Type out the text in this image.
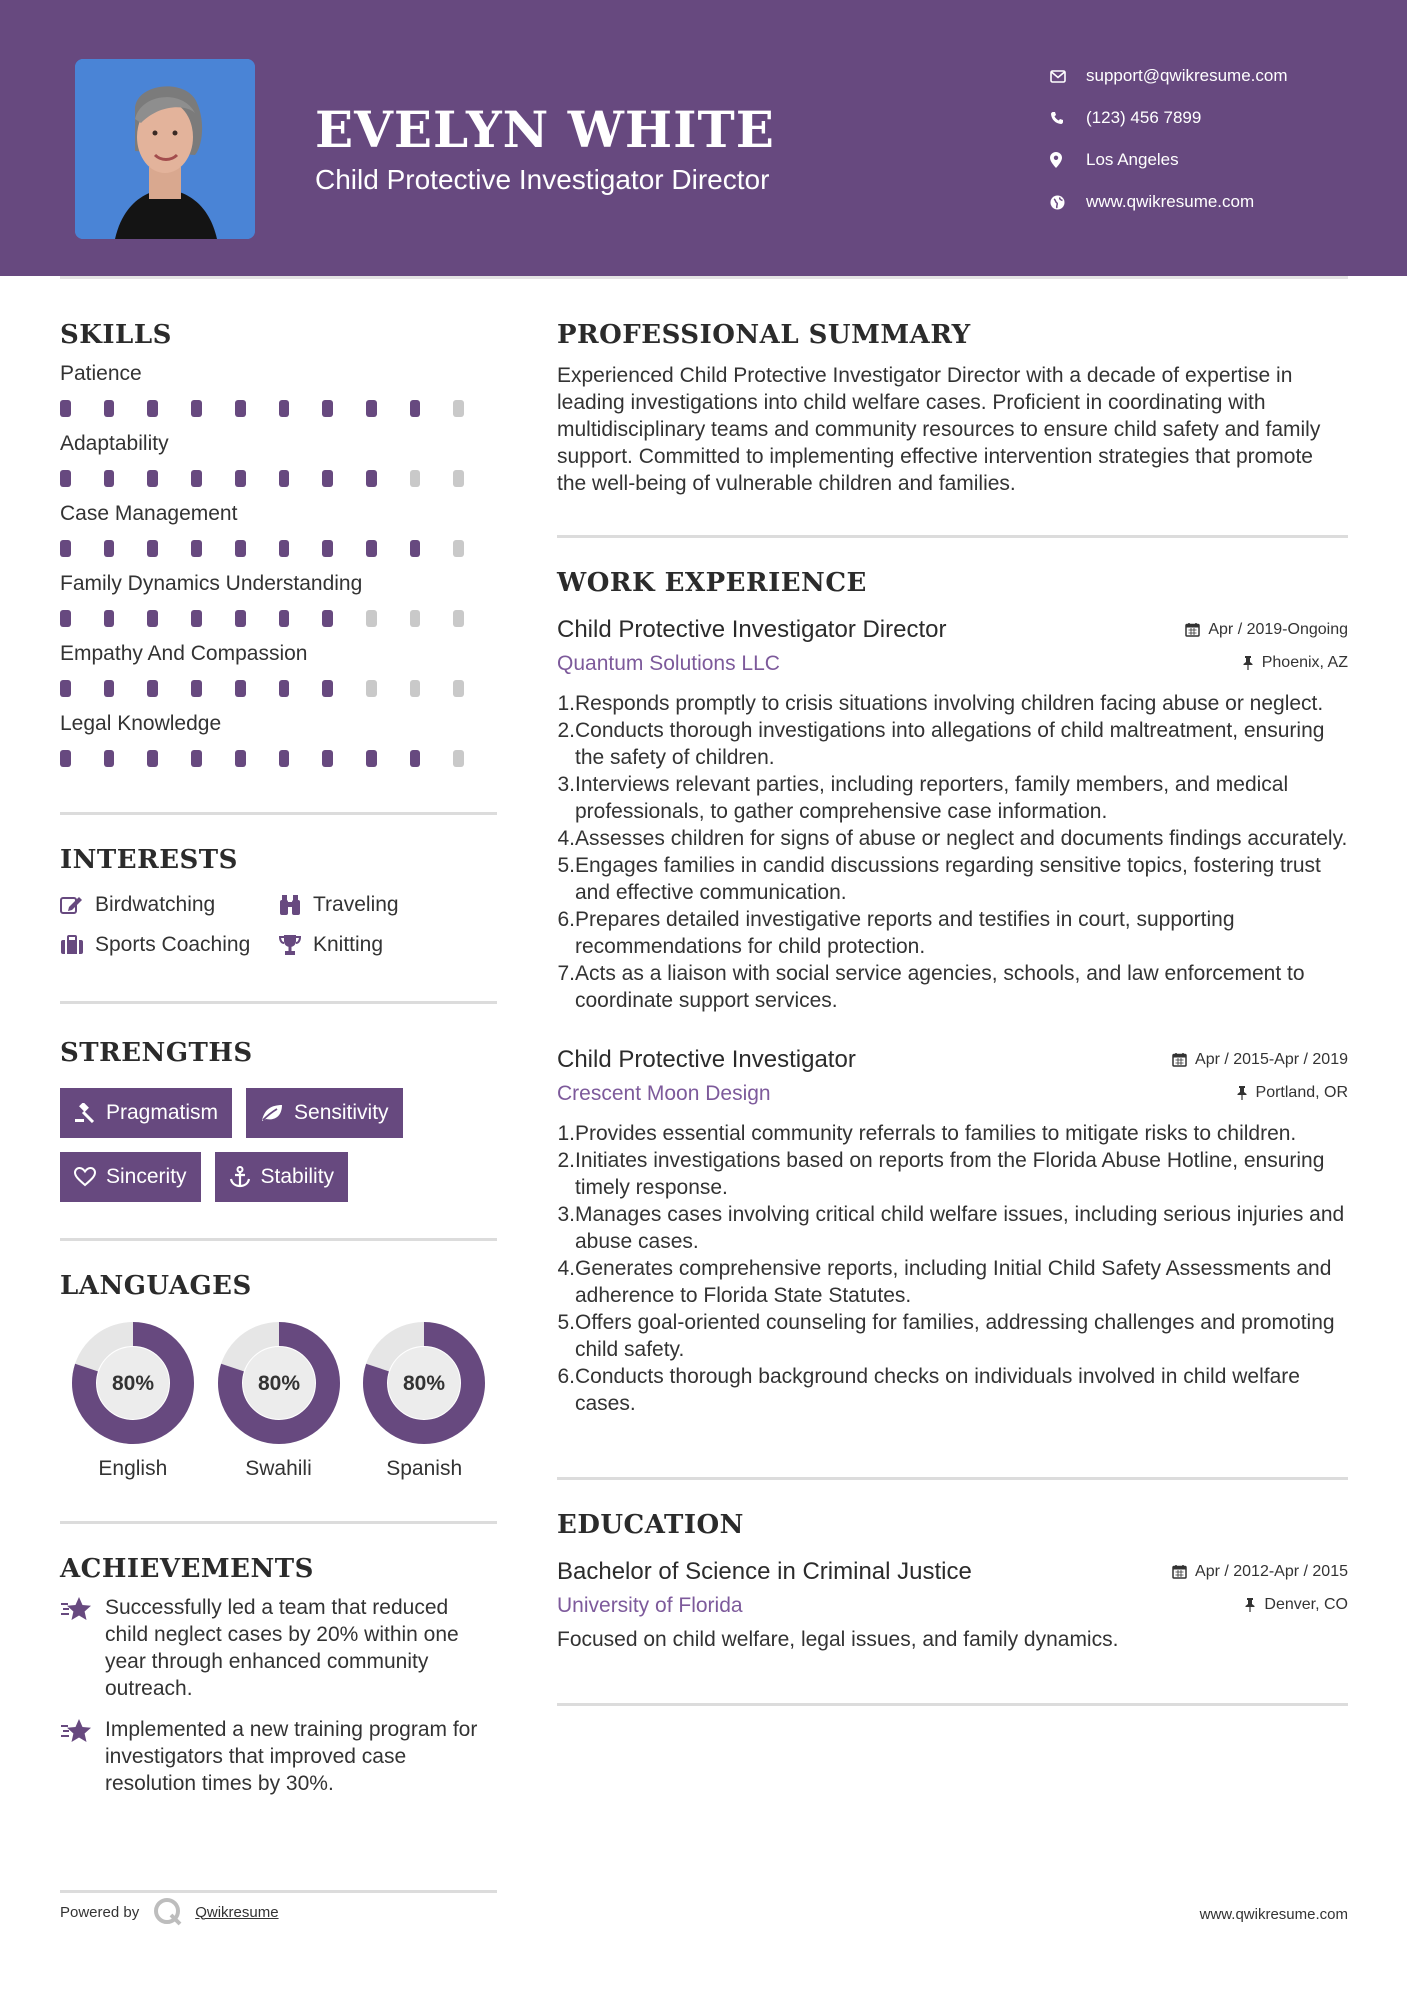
EVELYN WHITE
Child Protective Investigator Director
support@qwikresume.com
(123) 456 7899
Los Angeles
www.qwikresume.com
SKILLS
Patience
Adaptability
Case Management
Family Dynamics Understanding
Empathy And Compassion
Legal Knowledge
INTERESTS
Birdwatching	Traveling
Sports Coaching	Knitting
STRENGTHS
Pragmatism	Sensitivity
Sincerity	Stability
LANGUAGES
80%
English
80%
Swahili
80%
Spanish
ACHIEVEMENTS
Successfully led a team that reduced child neglect cases by 20% within one year through enhanced community outreach.
Implemented a new training program for investigators that improved case resolution times by 30%.
PROFESSIONAL SUMMARY
Experienced Child Protective Investigator Director with a decade of expertise in leading investigations into child welfare cases. Proficient in coordinating with multidisciplinary teams and community resources to ensure child safety and family support. Committed to implementing effective intervention strategies that promote the well-being of vulnerable children and families.
WORK EXPERIENCE
Child Protective Investigator Director	Apr / 2019-Ongoing
Quantum Solutions LLC	Phoenix, AZ
1. Responds promptly to crisis situations involving children facing abuse or neglect.
2. Conducts thorough investigations into allegations of child maltreatment, ensuring the safety of children.
3. Interviews relevant parties, including reporters, family members, and medical professionals, to gather comprehensive case information.
4. Assesses children for signs of abuse or neglect and documents findings accurately.
5. Engages families in candid discussions regarding sensitive topics, fostering trust and effective communication.
6. Prepares detailed investigative reports and testifies in court, supporting recommendations for child protection.
7. Acts as a liaison with social service agencies, schools, and law enforcement to coordinate support services.
Child Protective Investigator	Apr / 2015-Apr / 2019
Crescent Moon Design	Portland, OR
1. Provides essential community referrals to families to mitigate risks to children.
2. Initiates investigations based on reports from the Florida Abuse Hotline, ensuring timely response.
3. Manages cases involving critical child welfare issues, including serious injuries and abuse cases.
4. Generates comprehensive reports, including Initial Child Safety Assessments and adherence to Florida State Statutes.
5. Offers goal-oriented counseling for families, addressing challenges and promoting child safety.
6. Conducts thorough background checks on individuals involved in child welfare cases.
EDUCATION
Bachelor of Science in Criminal Justice	Apr / 2012-Apr / 2015
University of Florida	Denver, CO
Focused on child welfare, legal issues, and family dynamics.
Powered by	Qwikresume	www.qwikresume.com
